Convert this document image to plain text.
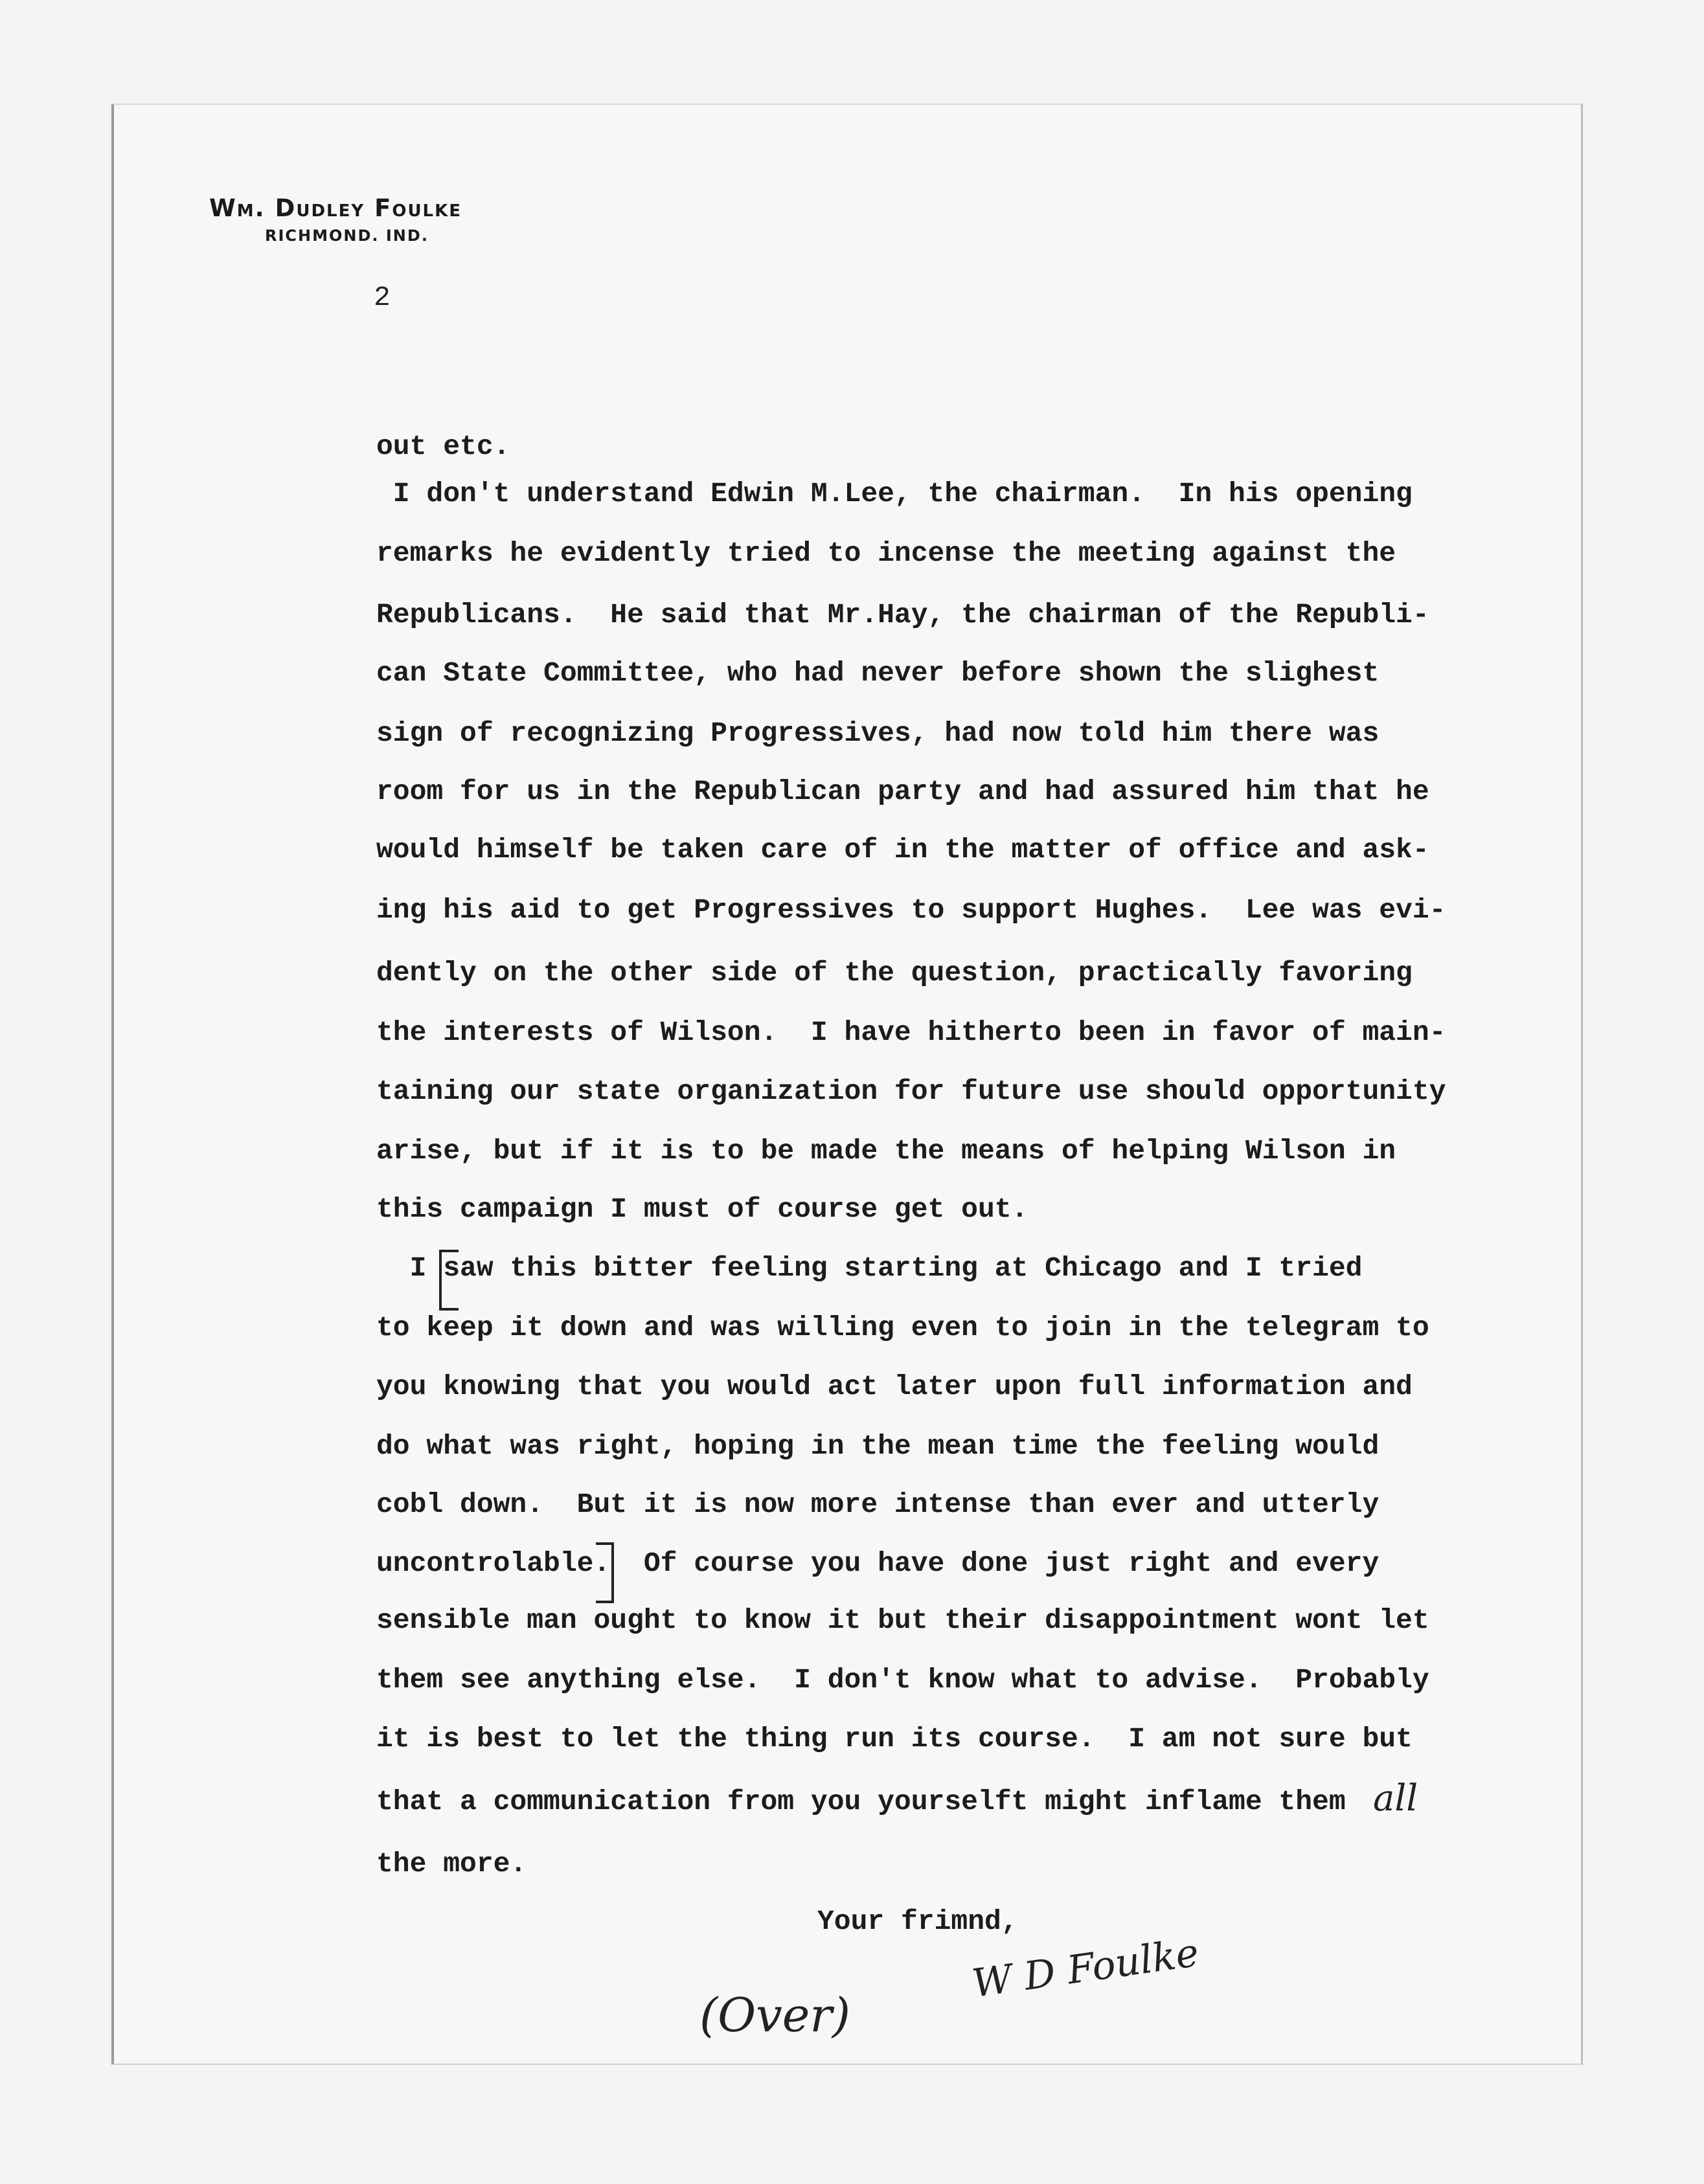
Wm. Dudley Foulke
RICHMOND. IND.
2
out etc.
I don't understand Edwin M.Lee, the chairman.  In his opening
remarks he evidently tried to incense the meeting against the
Republicans.  He said that Mr.Hay, the chairman of the Republi-
can State Committee, who had never before shown the slighest
sign of recognizing Progressives, had now told him there was
room for us in the Republican party and had assured him that he
would himself be taken care of in the matter of office and ask-
ing his aid to get Progressives to support Hughes.  Lee was evi-
dently on the other side of the question, practically favoring
the interests of Wilson.  I have hitherto been in favor of main-
taining our state organization for future use should opportunity
arise, but if it is to be made the means of helping Wilson in
this campaign I must of course get out.
I saw this bitter feeling starting at Chicago and I tried
to keep it down and was willing even to join in the telegram to
you knowing that you would act later upon full information and
do what was right, hoping in the mean time the feeling would
cobl down.  But it is now more intense than ever and utterly
uncontrolable.  Of course you have done just right and every
sensible man ought to know it but their disappointment wont let
them see anything else.  I don't know what to advise.  Probably
it is best to let the thing run its course.  I am not sure but
that a communication from you yourselft might inflame them
the more.
all
Your frimnd,
W D Foulke
(Over)
